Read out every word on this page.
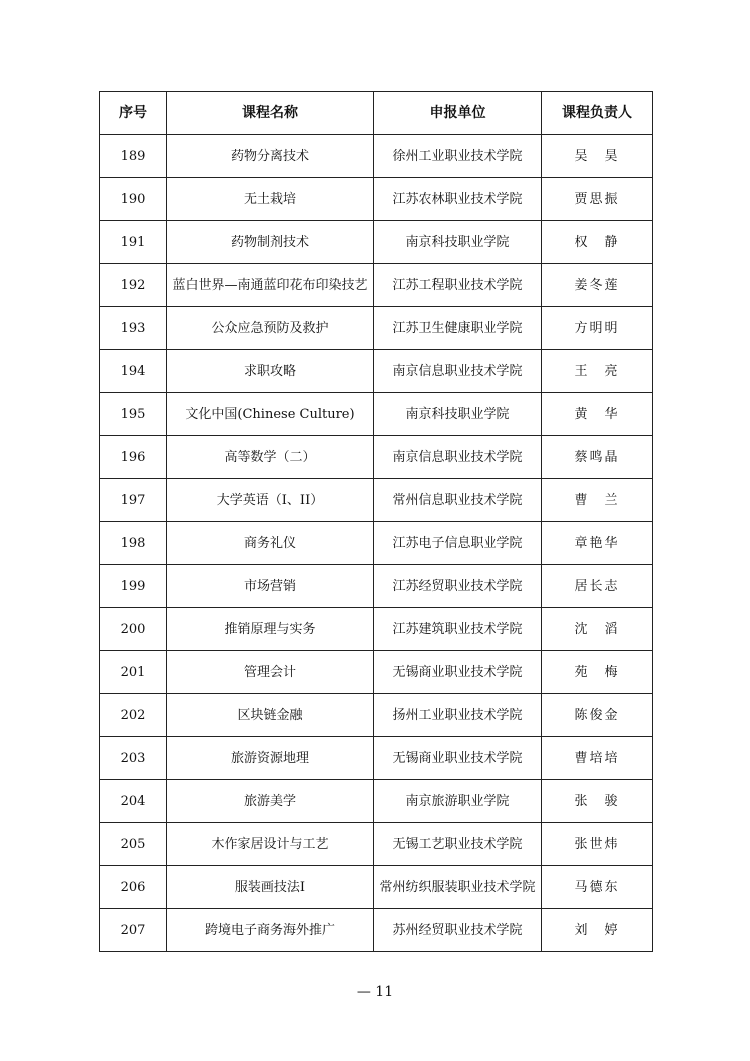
序号	课程名称	申报单位	课程负责人
189	药物分离技术	徐州工业职业技术学院	吴　昊
190	无土栽培	江苏农林职业技术学院	贾思振
191	药物制剂技术	南京科技职业学院	权　静
192	蓝白世界—南通蓝印花布印染技艺	江苏工程职业技术学院	姜冬莲
193	公众应急预防及救护	江苏卫生健康职业学院	方明明
194	求职攻略	南京信息职业技术学院	王　亮
195	文化中国(Chinese Culture)	南京科技职业学院	黄　华
196	高等数学（二）	南京信息职业技术学院	蔡鸣晶
197	大学英语（I、II）	常州信息职业技术学院	曹　兰
198	商务礼仪	江苏电子信息职业学院	章艳华
199	市场营销	江苏经贸职业技术学院	居长志
200	推销原理与实务	江苏建筑职业技术学院	沈　滔
201	管理会计	无锡商业职业技术学院	苑　梅
202	区块链金融	扬州工业职业技术学院	陈俊金
203	旅游资源地理	无锡商业职业技术学院	曹培培
204	旅游美学	南京旅游职业学院	张　骏
205	木作家居设计与工艺	无锡工艺职业技术学院	张世炜
206	服装画技法I	常州纺织服装职业技术学院	马德东
207	跨境电子商务海外推广	苏州经贸职业技术学院	刘　婷
— 11
